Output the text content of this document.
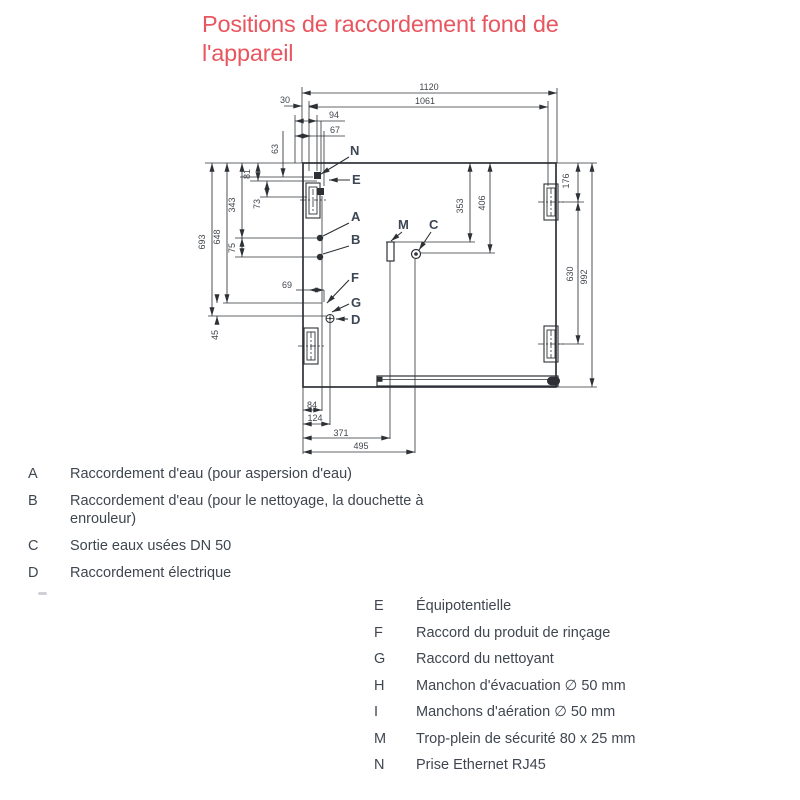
Positions de raccordement fond de
l'appareil
1120
1061
30
94
67
63
81
73
343
648
693 75
45
69
353 406
176
630 992
84
124
371
495
N
E
A
B
F
G
D
M C
A	Raccordement d'eau (pour aspersion d'eau)
B	Raccordement d'eau (pour le nettoyage, la douchette à enrouleur)
C	Sortie eaux usées DN 50
D	Raccordement électrique
E	Équipotentielle
F	Raccord du produit de rinçage
G	Raccord du nettoyant
H	Manchon d'évacuation ∅ 50 mm
I	Manchons d'aération ∅ 50 mm
M	Trop-plein de sécurité 80 x 25 mm
N	Prise Ethernet RJ45
